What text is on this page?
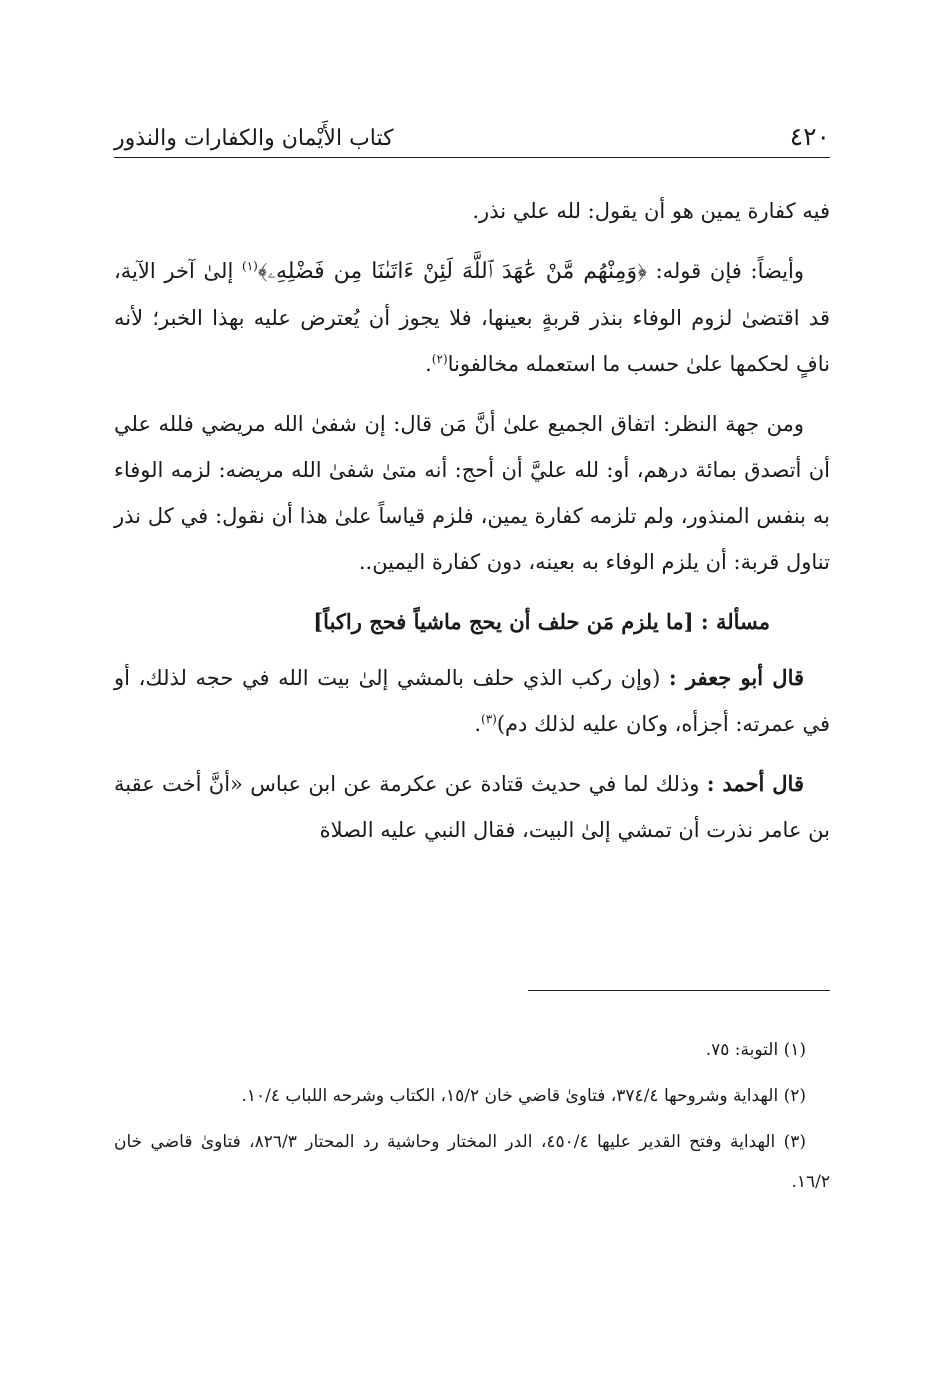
٤٢٠
كتاب الأَيْمان والكفارات والنذور

فيه كفارة يمين هو أن يقول: لله علي نذر.

وأيضاً: فإن قوله: ﴿وَمِنْهُم مَّنْ عَٰهَدَ ٱللَّهَ لَئِنْ ءَاتَىٰنَا مِن فَضْلِهِۦ﴾$^{(١)}$ إلىٰ آخر الآية، قد اقتضىٰ لزوم الوفاء بنذر قربةٍ بعينها، فلا يجوز أن يُعترض عليه بهذا الخبر؛ لأنه نافٍ لحكمها علىٰ حسب ما استعمله مخالفونا$^{(٢)}$.

ومن جهة النظر: اتفاق الجميع علىٰ أنَّ مَن قال: إن شفىٰ الله مريضي فلله علي أن أتصدق بمائة درهم، أو: لله عليَّ أن أحج: أنه متىٰ شفىٰ الله مريضه: لزمه الوفاء به بنفس المنذور، ولم تلزمه كفارة يمين، فلزم قياساً علىٰ هذا أن نقول: في كل نذر تناول قربة: أن يلزم الوفاء به بعينه، دون كفارة اليمين..

مسألة : [ما يلزم مَن حلف أن يحج ماشياً فحج راكباً]

قال أبو جعفر : (وإن ركب الذي حلف بالمشي إلىٰ بيت الله في حجه لذلك، أو في عمرته: أجزأه، وكان عليه لذلك دم)$^{(٣)}$.

قال أحمد : وذلك لما في حديث قتادة عن عكرمة عن ابن عباس «أنَّ أخت عقبة بن عامر نذرت أن تمشي إلىٰ البيت، فقال النبي عليه الصلاة

(١) التوبة: ٧٥.

(٢) الهداية وشروحها ٣٧٤/٤، فتاوىٰ قاضي خان ١٥/٢، الكتاب وشرحه اللباب ١٠/٤.

(٣) الهداية وفتح القدير عليها ٤٥٠/٤، الدر المختار وحاشية رد المحتار ٨٢٦/٣، فتاوىٰ قاضي خان ١٦/٢.
